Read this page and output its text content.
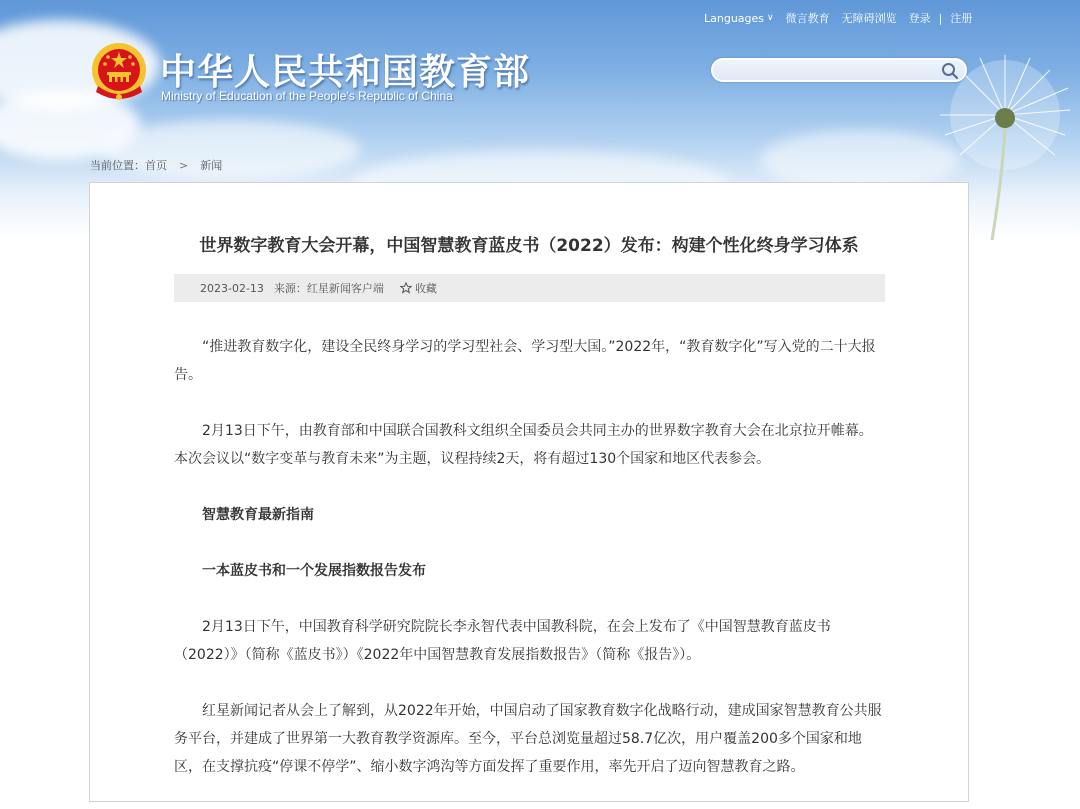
Languages ∨ 微言教育 无障碍浏览 登录 | 注册
中华人民共和国教育部
Ministry of Education of the People's Republic of China
当前位置： 首页 > 新闻
世界数字教育大会开幕，中国智慧教育蓝皮书（2022）发布：构建个性化终身学习体系
2023-02-13 来源：红星新闻客户端	收藏

“推进教育数字化，建设全民终身学习的学习型社会、学习型大国。”2022年，“教育数字化”写入党的二十大报告。

2月13日下午，由教育部和中国联合国教科文组织全国委员会共同主办的世界数字教育大会在北京拉开帷幕。本次会议以“数字变革与教育未来”为主题，议程持续2天，将有超过130个国家和地区代表参会。

智慧教育最新指南

一本蓝皮书和一个发展指数报告发布

2月13日下午，中国教育科学研究院院长李永智代表中国教科院，在会上发布了《中国智慧教育蓝皮书（2022）》（简称《蓝皮书》）《2022年中国智慧教育发展指数报告》（简称《报告》）。

红星新闻记者从会上了解到，从2022年开始，中国启动了国家教育数字化战略行动，建成国家智慧教育公共服务平台，并建成了世界第一大教育教学资源库。至今，平台总浏览量超过58.7亿次，用户覆盖200多个国家和地区，在支撑抗疫“停课不停学”、缩小数字鸿沟等方面发挥了重要作用，率先开启了迈向智慧教育之路。
